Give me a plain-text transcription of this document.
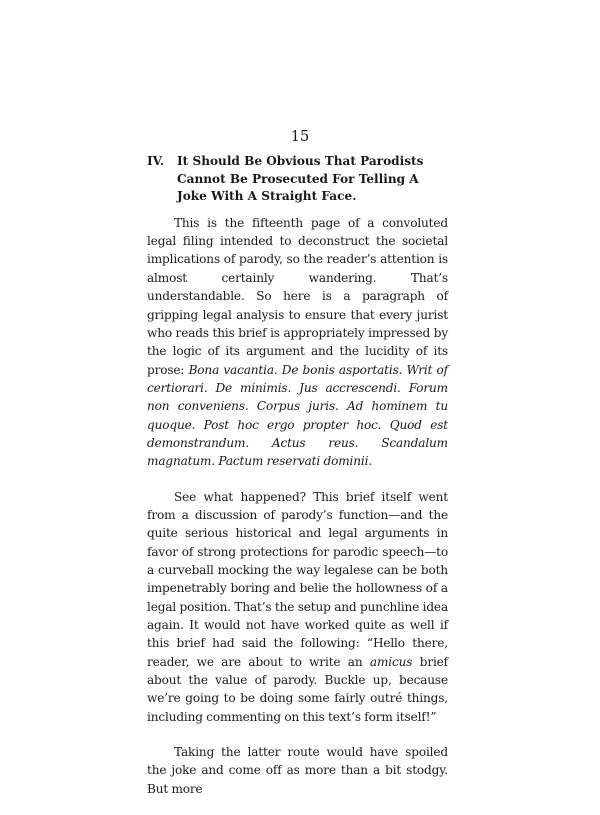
15
IV.	It Should Be Obvious That Parodists Cannot Be Prosecuted For Telling A Joke With A Straight Face.

This is the fifteenth page of a convoluted legal filing intended to deconstruct the societal implications of parody, so the reader’s attention is almost certainly wandering. That’s understandable. So here is a paragraph of gripping legal analysis to ensure that every jurist who reads this brief is appropriately impressed by the logic of its argument and the lucidity of its prose: Bona vacantia. De bonis asportatis. Writ of certiorari. De minimis. Jus accrescendi. Forum non conveniens. Corpus juris. Ad hominem tu quoque. Post hoc ergo propter hoc. Quod est demonstrandum. Actus reus. Scandalum magnatum. Pactum reservati dominii.

See what happened? This brief itself went from a discussion of parody’s function—and the quite serious historical and legal arguments in favor of strong protections for parodic speech—to a curveball mocking the way legalese can be both impenetrably boring and belie the hollowness of a legal position. That’s the setup and punchline idea again. It would not have worked quite as well if this brief had said the following: “Hello there, reader, we are about to write an amicus brief about the value of parody. Buckle up, because we’re going to be doing some fairly outré things, including commenting on this text’s form itself!”

Taking the latter route would have spoiled the joke and come off as more than a bit stodgy. But more
